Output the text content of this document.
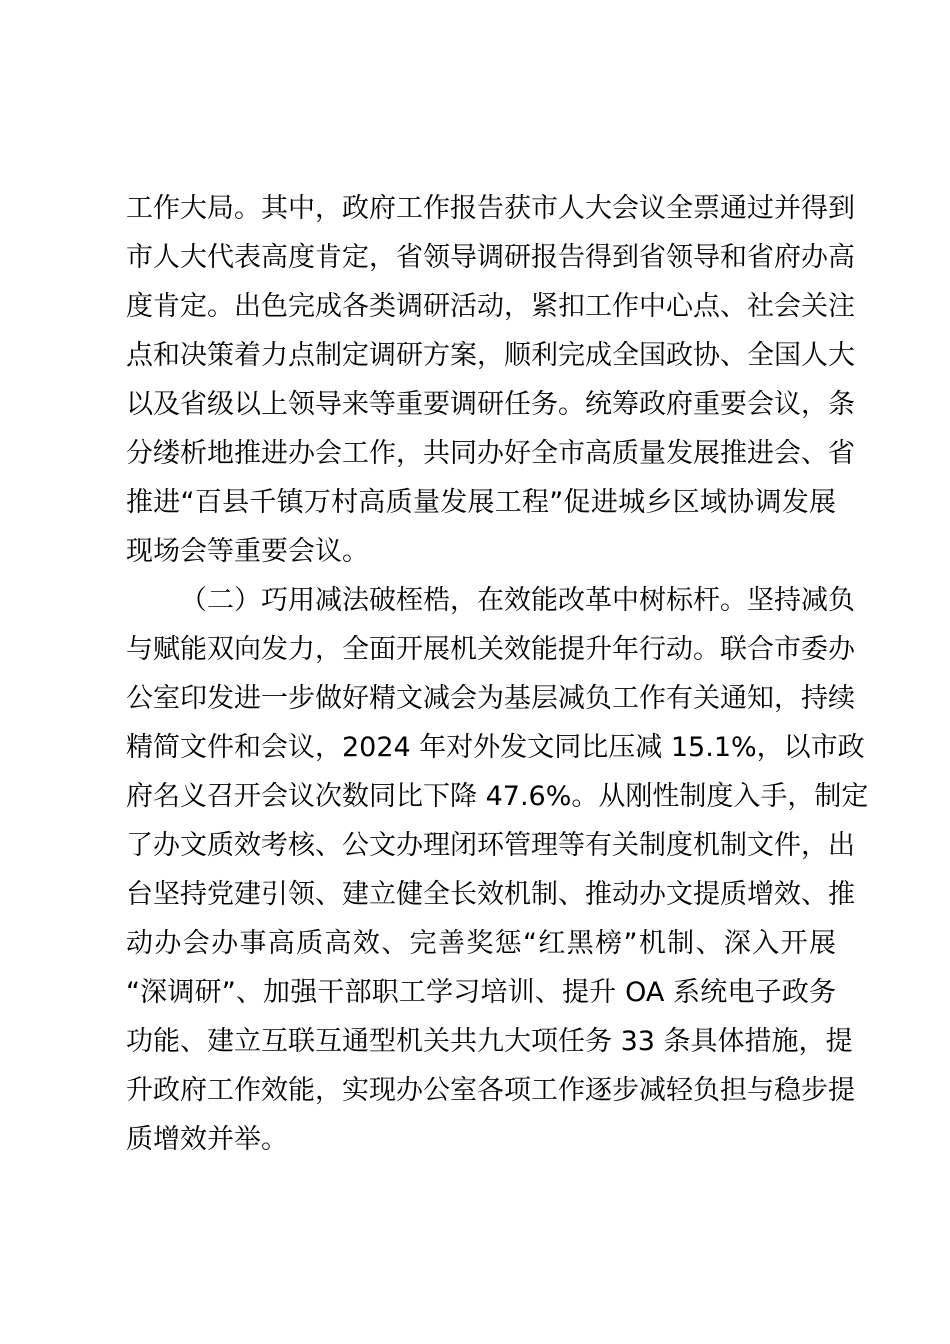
工作大局。其中，政府工作报告获市人大会议全票通过并得到
市人大代表高度肯定，省领导调研报告得到省领导和省府办高
度肯定。出色完成各类调研活动，紧扣工作中心点、社会关注
点和决策着力点制定调研方案，顺利完成全国政协、全国人大
以及省级以上领导来等重要调研任务。统筹政府重要会议，条
分缕析地推进办会工作，共同办好全市高质量发展推进会、省
推进“百县千镇万村高质量发展工程”促进城乡区域协调发展
现场会等重要会议。
（二）巧用减法破桎梏，在效能改革中树标杆。坚持减负
与赋能双向发力，全面开展机关效能提升年行动。联合市委办
公室印发进一步做好精文减会为基层减负工作有关通知，持续
精简文件和会议，2024 年对外发文同比压减 15.1%，以市政
府名义召开会议次数同比下降 47.6%。从刚性制度入手，制定
了办文质效考核、公文办理闭环管理等有关制度机制文件，出
台坚持党建引领、建立健全长效机制、推动办文提质增效、推
动办会办事高质高效、完善奖惩“红黑榜”机制、深入开展
“深调研”、加强干部职工学习培训、提升 OA 系统电子政务
功能、建立互联互通型机关共九大项任务 33 条具体措施，提
升政府工作效能，实现办公室各项工作逐步减轻负担与稳步提
质增效并举。
